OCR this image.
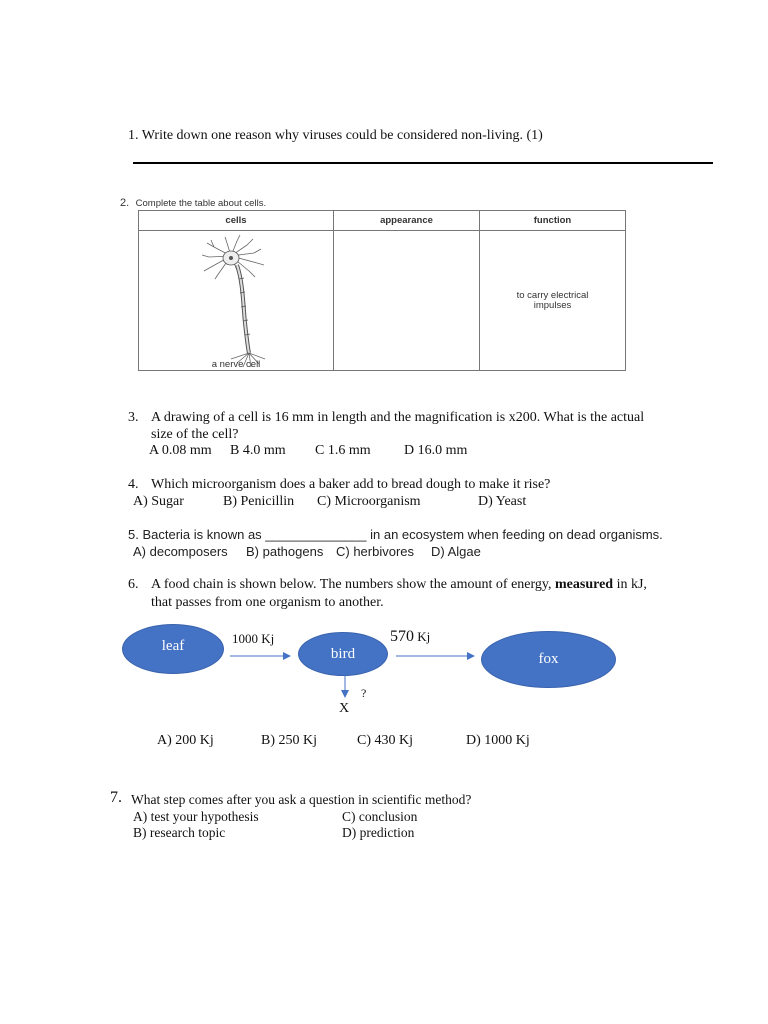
1. Write down one reason why viruses could be considered non-living. (1)
2. Complete the table about cells.
cells	appearance	function

a nerve cell		to carry electrical impulses
3. A drawing of a cell is 16 mm in length and the magnification is x200. What is the actual
size of the cell?
A 0.08 mm B 4.0 mm C 1.6 mm D 16.0 mm
4. Which microorganism does a baker add to bread dough to make it rise?
A) Sugar	B) Penicillin C) Microorganism	D) Yeast
5. Bacteria is known as ______________ in an ecosystem when feeding on dead organisms.
A) decomposers B) pathogens C) herbivores D) Algae
6. A food chain is shown below. The numbers show the amount of energy, measured in kJ,
that passes from one organism to another.
leaf	bird	fox
1000 Kj	570 Kj
?
X
A) 200 Kj	B) 250 Kj	C) 430 Kj	D) 1000 Kj
7. What step comes after you ask a question in scientific method?
A) test your hypothesis	C) conclusion
B) research topic	D) prediction
